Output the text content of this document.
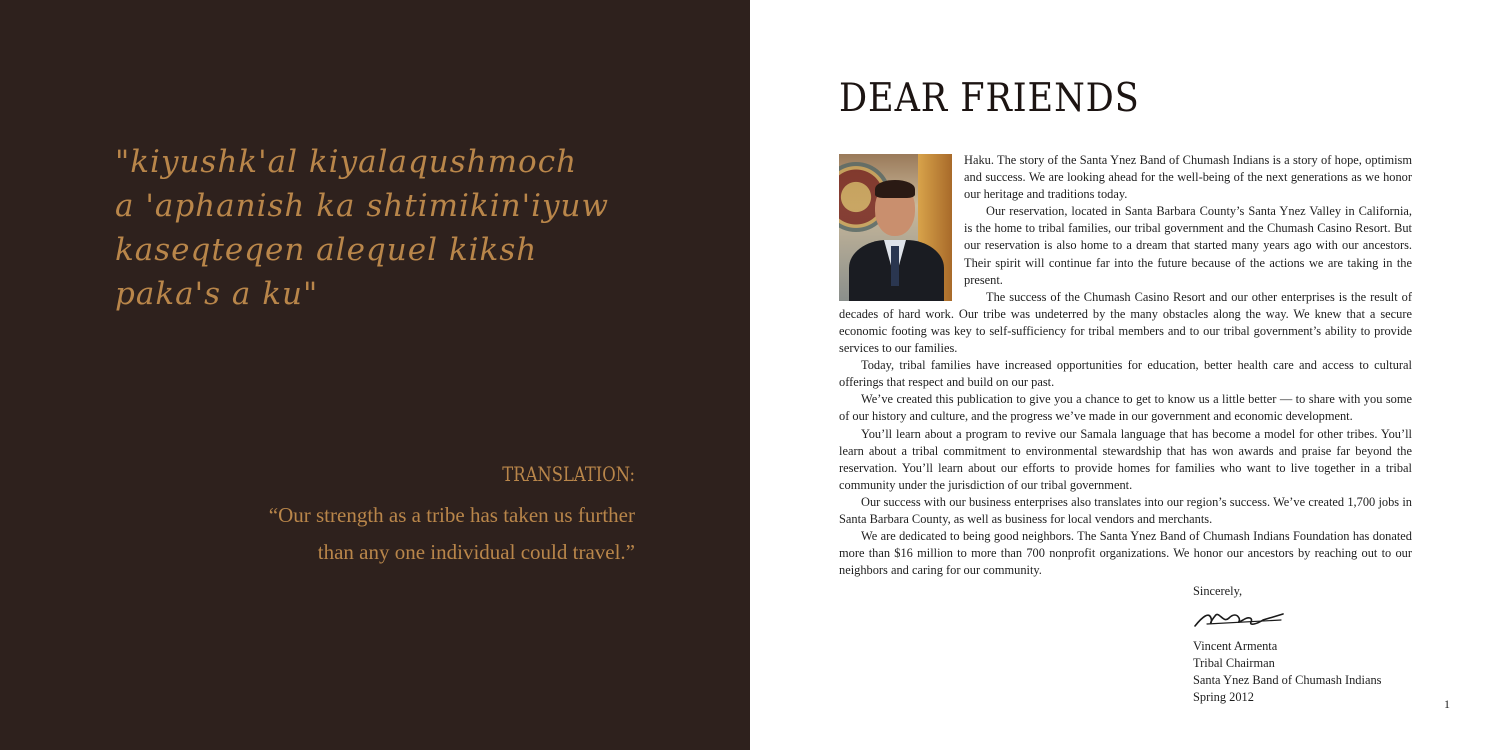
"kiyushk'al kiyalaqushmoch
a 'aphanish ka shtimikin'iyuw
kaseqteqen alequel kiksh
paka's a ku"
TRANSLATION:
“Our strength as a tribe has taken us further
than any one individual could travel.”
DEAR FRIENDS

Haku. The story of the Santa Ynez Band of Chumash Indians is a story of hope, optimism and success. We are looking ahead for the well-being of the next generations as we honor our heritage and traditions today.

Our reservation, located in Santa Barbara County’s Santa Ynez Valley in California, is the home to tribal families, our tribal government and the Chumash Casino Resort. But our reservation is also home to a dream that started many years ago with our ancestors. Their spirit will continue far into the future because of the actions we are taking in the present.

The success of the Chumash Casino Resort and our other enterprises is the result of decades of hard work. Our tribe was undeterred by the many obstacles along the way. We knew that a secure economic footing was key to self-sufficiency for tribal members and to our tribal government’s ability to provide services to our families.

Today, tribal families have increased opportunities for education, better health care and access to cultural offerings that respect and build on our past.

We’ve created this publication to give you a chance to get to know us a little better — to share with you some of our history and culture, and the progress we’ve made in our government and economic development.

You’ll learn about a program to revive our Samala language that has become a model for other tribes. You’ll learn about a tribal commitment to environmental stewardship that has won awards and praise far beyond the reservation. You’ll learn about our efforts to provide homes for families who want to live together in a tribal community under the jurisdiction of our tribal government.

Our success with our business enterprises also translates into our region’s success. We’ve created 1,700 jobs in Santa Barbara County, as well as business for local vendors and merchants.

We are dedicated to being good neighbors. The Santa Ynez Band of Chumash Indians Foundation has donated more than $16 million to more than 700 nonprofit organizations. We honor our ancestors by reaching out to our neighbors and caring for our community.

Sincerely,
Vincent Armenta
Tribal Chairman
Santa Ynez Band of Chumash Indians
Spring 2012	1
